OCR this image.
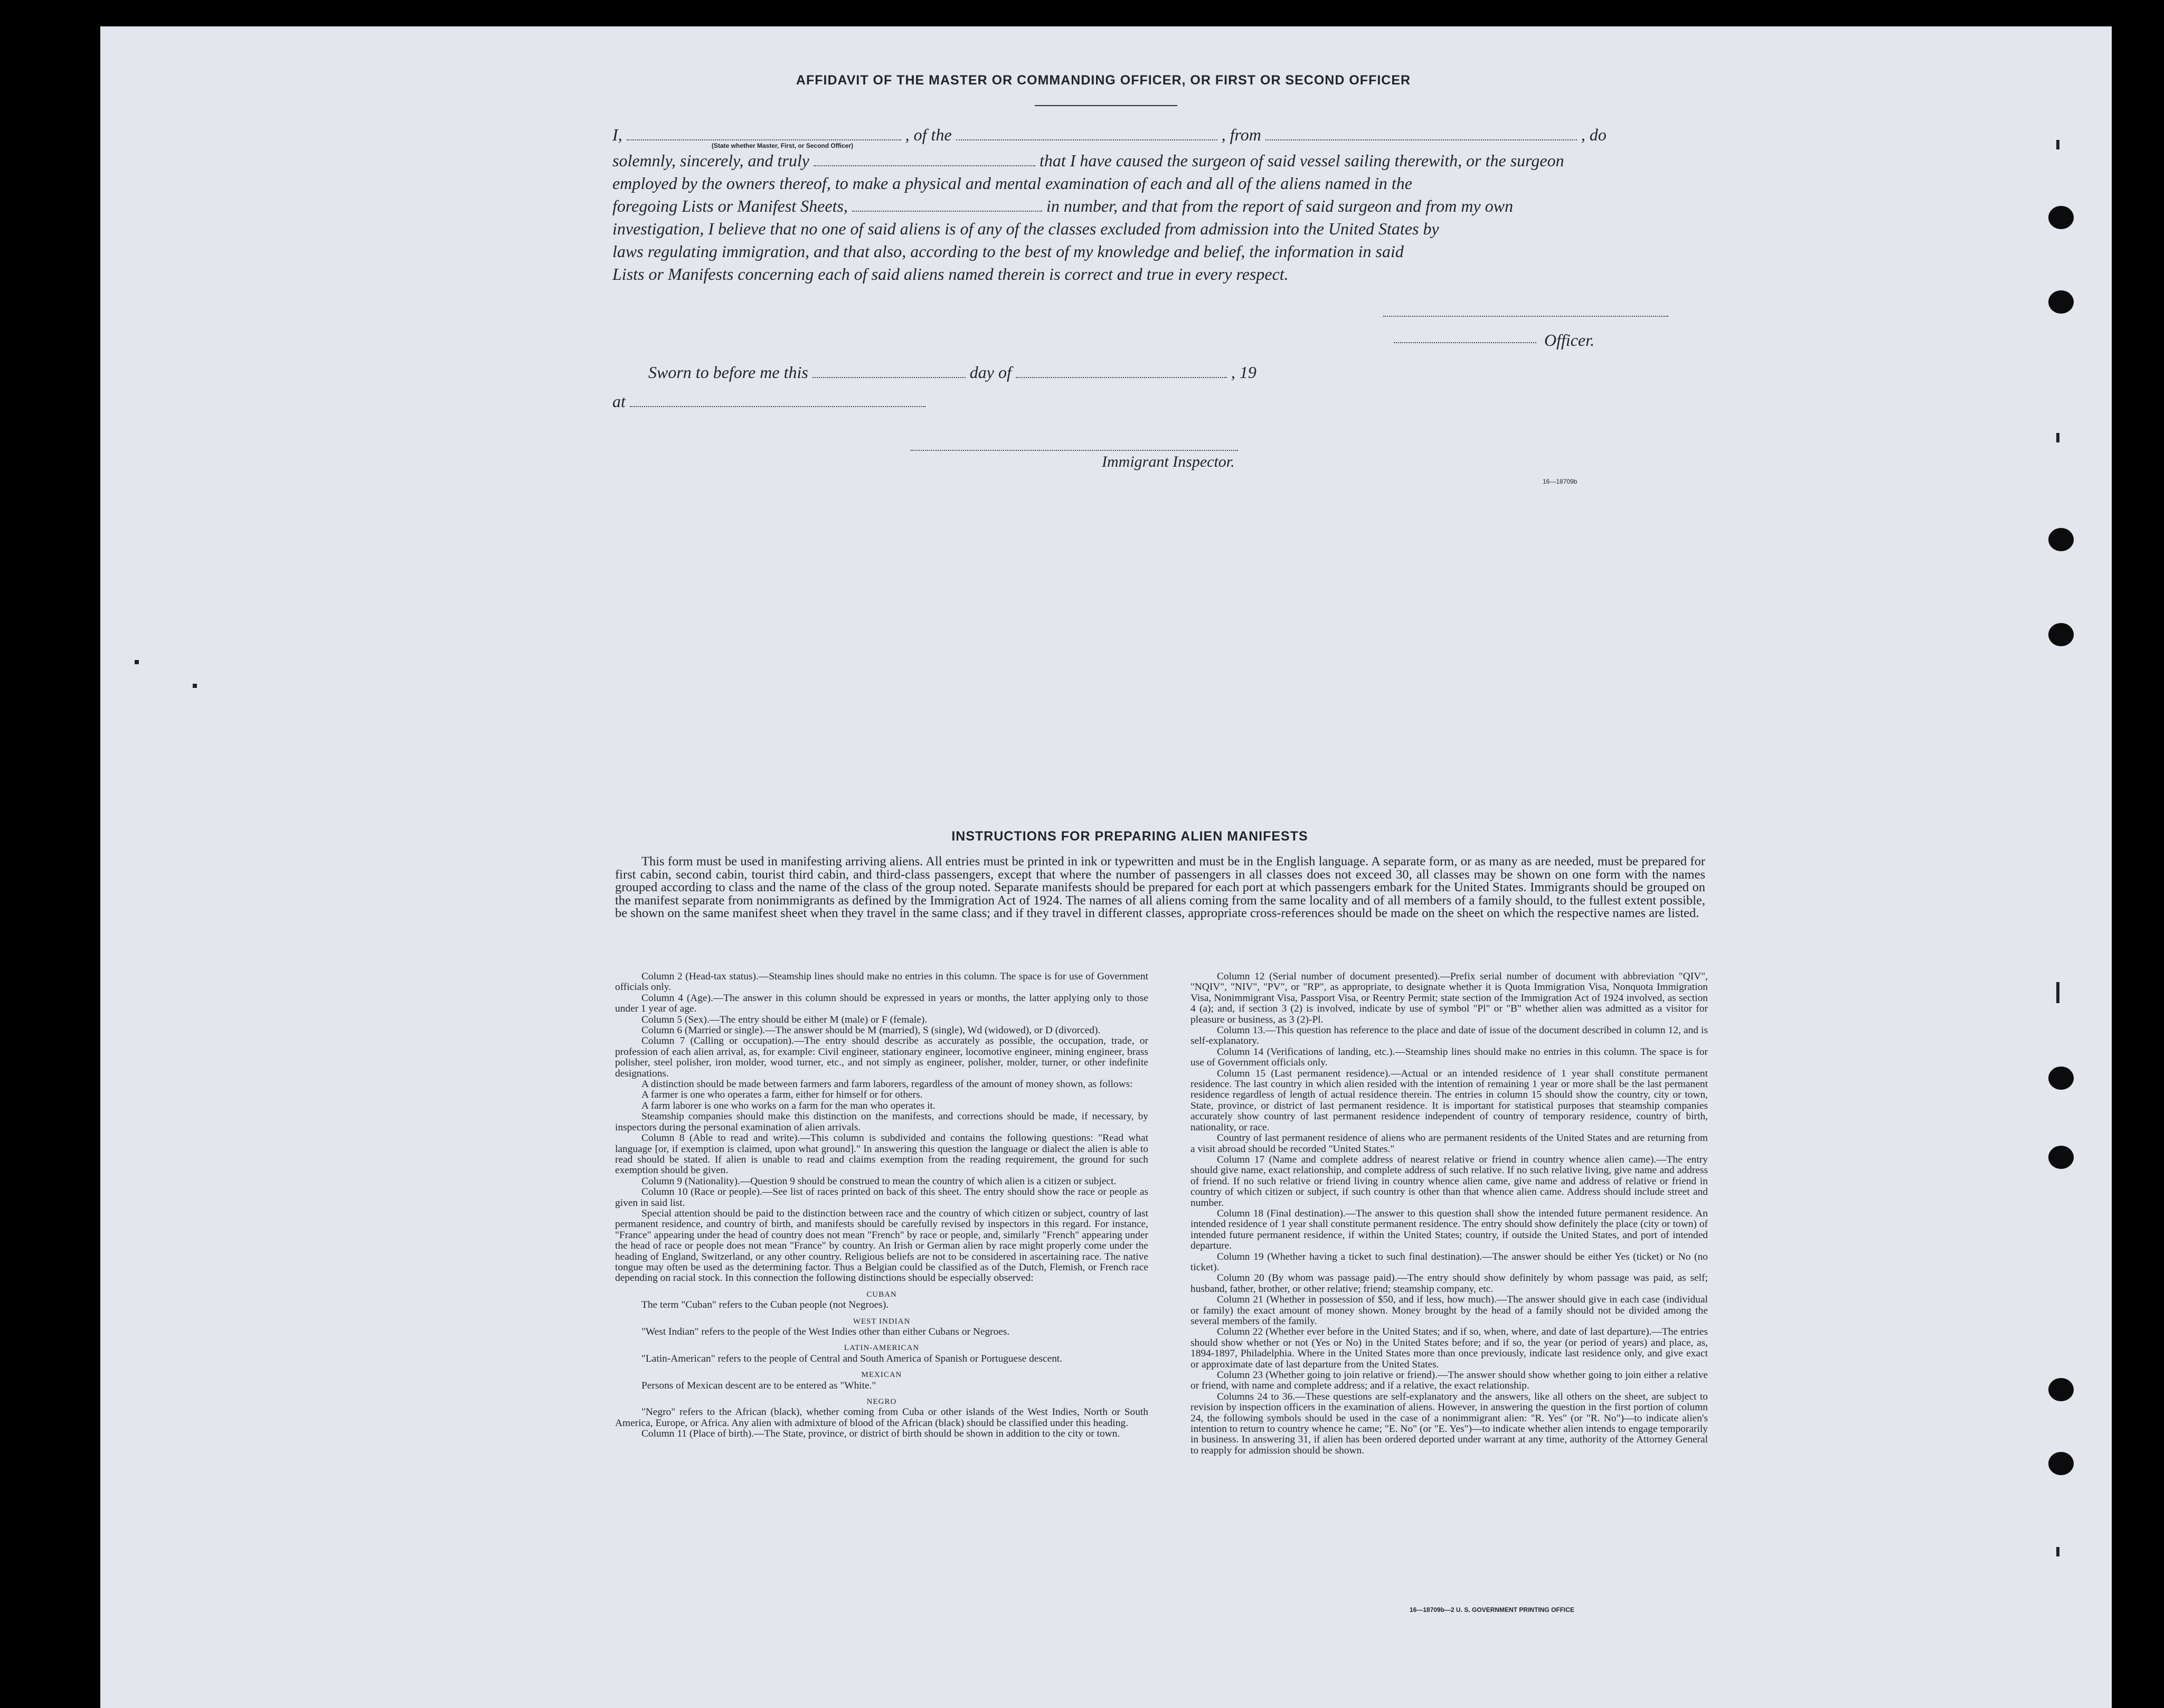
AFFIDAVIT OF THE MASTER OR COMMANDING OFFICER, OR FIRST OR SECOND OFFICER
I,	, of the	, from	, do
(State whether Master, First, or Second Officer)
solemnly, sincerely, and truly	that I have caused the surgeon of said vessel sailing therewith, or the surgeon
employed by the owners thereof, to make a physical and mental examination of each and all of the aliens named in the
foregoing Lists or Manifest Sheets,	in number, and that from the report of said surgeon and from my own
investigation, I believe that no one of said aliens is of any of the classes excluded from admission into the United States by
laws regulating immigration, and that also, according to the best of my knowledge and belief, the information in said
Lists or Manifests concerning each of said aliens named therein is correct and true in every respect.
Officer.
Sworn to before me this	day of	, 19
at
Immigrant Inspector.
16—18709b
INSTRUCTIONS FOR PREPARING ALIEN MANIFESTS
This form must be used in manifesting arriving aliens. All entries must be printed in ink or typewritten and must be in the English language. A separate form, or as many as are needed, must be prepared for first cabin, second cabin, tourist third cabin, and third-class passengers, except that where the number of passengers in all classes does not exceed 30, all classes may be shown on one form with the names grouped according to class and the name of the class of the group noted. Separate manifests should be prepared for each port at which passengers embark for the United States. Immigrants should be grouped on the manifest separate from nonimmigrants as defined by the Immigration Act of 1924. The names of all aliens coming from the same locality and of all members of a family should, to the fullest extent possible, be shown on the same manifest sheet when they travel in the same class; and if they travel in different classes, appropriate cross-references should be made on the sheet on which the respective names are listed.

Column 2 (Head-tax status).—Steamship lines should make no entries in this column. The space is for use of Government officials only.

Column 4 (Age).—The answer in this column should be expressed in years or months, the latter applying only to those under 1 year of age.

Column 5 (Sex).—The entry should be either M (male) or F (female).

Column 6 (Married or single).—The answer should be M (married), S (single), Wd (widowed), or D (divorced).

Column 7 (Calling or occupation).—The entry should describe as accurately as possible, the occupation, trade, or profession of each alien arrival, as, for example: Civil engineer, stationary engineer, locomotive engineer, mining engineer, brass polisher, steel polisher, iron molder, wood turner, etc., and not simply as engineer, polisher, molder, turner, or other indefinite designations.

A distinction should be made between farmers and farm laborers, regardless of the amount of money shown, as follows:

A farmer is one who operates a farm, either for himself or for others.

A farm laborer is one who works on a farm for the man who operates it.

Steamship companies should make this distinction on the manifests, and corrections should be made, if necessary, by inspectors during the personal examination of alien arrivals.

Column 8 (Able to read and write).—This column is subdivided and contains the following questions: "Read what language [or, if exemption is claimed, upon what ground]." In answering this question the language or dialect the alien is able to read should be stated. If alien is unable to read and claims exemption from the reading requirement, the ground for such exemption should be given.

Column 9 (Nationality).—Question 9 should be construed to mean the country of which alien is a citizen or subject.

Column 10 (Race or people).—See list of races printed on back of this sheet. The entry should show the race or people as given in said list.

Special attention should be paid to the distinction between race and the country of which citizen or subject, country of last permanent residence, and country of birth, and manifests should be carefully revised by inspectors in this regard. For instance, "France" appearing under the head of country does not mean "French" by race or people, and, similarly "French" appearing under the head of race or people does not mean "France" by country. An Irish or German alien by race might properly come under the heading of England, Switzerland, or any other country. Religious beliefs are not to be considered in ascertaining race. The native tongue may often be used as the determining factor. Thus a Belgian could be classified as of the Dutch, Flemish, or French race depending on racial stock. In this connection the following distinctions should be especially observed:

CUBAN

The term "Cuban" refers to the Cuban people (not Negroes).

WEST INDIAN

"West Indian" refers to the people of the West Indies other than either Cubans or Negroes.

LATIN-AMERICAN

"Latin-American" refers to the people of Central and South America of Spanish or Portuguese descent.

MEXICAN

Persons of Mexican descent are to be entered as "White."

NEGRO

"Negro" refers to the African (black), whether coming from Cuba or other islands of the West Indies, North or South America, Europe, or Africa. Any alien with admixture of blood of the African (black) should be classified under this heading.

Column 11 (Place of birth).—The State, province, or district of birth should be shown in addition to the city or town.

Column 12 (Serial number of document presented).—Prefix serial number of document with abbreviation "QIV", "NQIV", "NIV", "PV", or "RP", as appropriate, to designate whether it is Quota Immigration Visa, Nonquota Immigration Visa, Nonimmigrant Visa, Passport Visa, or Reentry Permit; state section of the Immigration Act of 1924 involved, as section 4 (a); and, if section 3 (2) is involved, indicate by use of symbol "Pl" or "B" whether alien was admitted as a visitor for pleasure or business, as 3 (2)-Pl.

Column 13.—This question has reference to the place and date of issue of the document described in column 12, and is self-explanatory.

Column 14 (Verifications of landing, etc.).—Steamship lines should make no entries in this column. The space is for use of Government officials only.

Column 15 (Last permanent residence).—Actual or an intended residence of 1 year shall constitute permanent residence. The last country in which alien resided with the intention of remaining 1 year or more shall be the last permanent residence regardless of length of actual residence therein. The entries in column 15 should show the country, city or town, State, province, or district of last permanent residence. It is important for statistical purposes that steamship companies accurately show country of last permanent residence independent of country of temporary residence, country of birth, nationality, or race.

Country of last permanent residence of aliens who are permanent residents of the United States and are returning from a visit abroad should be recorded "United States."

Column 17 (Name and complete address of nearest relative or friend in country whence alien came).—The entry should give name, exact relationship, and complete address of such relative. If no such relative living, give name and address of friend. If no such relative or friend living in country whence alien came, give name and address of relative or friend in country of which citizen or subject, if such country is other than that whence alien came. Address should include street and number.

Column 18 (Final destination).—The answer to this question shall show the intended future permanent residence. An intended residence of 1 year shall constitute permanent residence. The entry should show definitely the place (city or town) of intended future permanent residence, if within the United States; country, if outside the United States, and port of intended departure.

Column 19 (Whether having a ticket to such final destination).—The answer should be either Yes (ticket) or No (no ticket).

Column 20 (By whom was passage paid).—The entry should show definitely by whom passage was paid, as self; husband, father, brother, or other relative; friend; steamship company, etc.

Column 21 (Whether in possession of $50, and if less, how much).—The answer should give in each case (individual or family) the exact amount of money shown. Money brought by the head of a family should not be divided among the several members of the family.

Column 22 (Whether ever before in the United States; and if so, when, where, and date of last departure).—The entries should show whether or not (Yes or No) in the United States before; and if so, the year (or period of years) and place, as, 1894-1897, Philadelphia. Where in the United States more than once previously, indicate last residence only, and give exact or approximate date of last departure from the United States.

Column 23 (Whether going to join relative or friend).—The answer should show whether going to join either a relative or friend, with name and complete address; and if a relative, the exact relationship.

Columns 24 to 36.—These questions are self-explanatory and the answers, like all others on the sheet, are subject to revision by inspection officers in the examination of aliens. However, in answering the question in the first portion of column 24, the following symbols should be used in the case of a nonimmigrant alien: "R. Yes" (or "R. No")—to indicate alien's intention to return to country whence he came; "E. No" (or "E. Yes")—to indicate whether alien intends to engage temporarily in business. In answering 31, if alien has been ordered deported under warrant at any time, authority of the Attorney General to reapply for admission should be shown.

16—18709b—2 U. S. GOVERNMENT PRINTING OFFICE
